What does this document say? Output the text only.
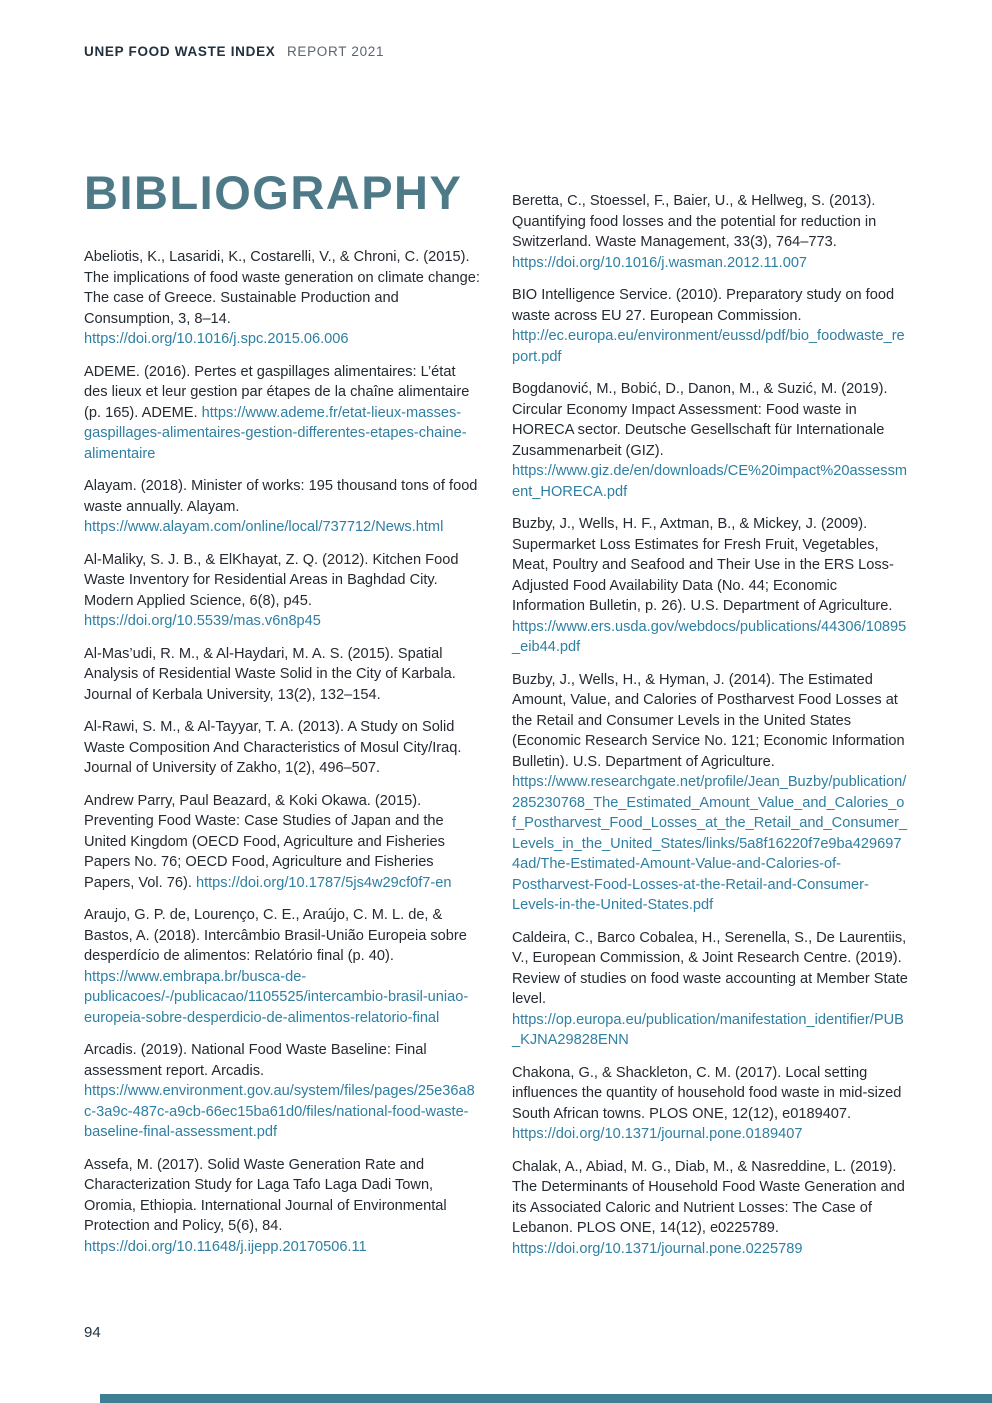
UNEP FOOD WASTE INDEX REPORT 2021
BIBLIOGRAPHY

Abeliotis, K., Lasaridi, K., Costarelli, V., & Chroni, C. (2015). The implications of food waste generation on climate change: The case of Greece. Sustainable Production and Consumption, 3, 8–14. https://doi.org/10.1016/j.spc.2015.06.006

ADEME. (2016). Pertes et gaspillages alimentaires: L’état des lieux et leur gestion par étapes de la chaîne alimentaire (p. 165). ADEME. https://www.ademe.fr/etat-lieux-masses-gaspillages-alimentaires-gestion-differentes-etapes-chaine-alimentaire

Alayam. (2018). Minister of works: 195 thousand tons of food waste annually. Alayam. https://www.alayam.com/online/local/737712/News.html

Al-Maliky, S. J. B., & ElKhayat, Z. Q. (2012). Kitchen Food Waste Inventory for Residential Areas in Baghdad City. Modern Applied Science, 6(8), p45. https://doi.org/10.5539/mas.v6n8p45

Al-Mas’udi, R. M., & Al-Haydari, M. A. S. (2015). Spatial Analysis of Residential Waste Solid in the City of Karbala. Journal of Kerbala University, 13(2), 132–154.

Al-Rawi, S. M., & Al-Tayyar, T. A. (2013). A Study on Solid Waste Composition And Characteristics of Mosul City/Iraq. Journal of University of Zakho, 1(2), 496–507.

Andrew Parry, Paul Beazard, & Koki Okawa. (2015). Preventing Food Waste: Case Studies of Japan and the United Kingdom (OECD Food, Agriculture and Fisheries Papers No. 76; OECD Food, Agriculture and Fisheries Papers, Vol. 76). https://doi.org/10.1787/5js4w29cf0f7-en

Araujo, G. P. de, Lourenço, C. E., Araújo, C. M. L. de, & Bastos, A. (2018). Intercâmbio Brasil-União Europeia sobre desperdício de alimentos: Relatório final (p. 40). https://www.embrapa.br/busca-de-publicacoes/-/publicacao/1105525/intercambio-brasil-uniao-europeia-sobre-desperdicio-de-alimentos-relatorio-final

Arcadis. (2019). National Food Waste Baseline: Final assessment report. Arcadis. https://www.environment.gov.au/system/files/pages/25e36a8c-3a9c-487c-a9cb-66ec15ba61d0/files/national-food-waste-baseline-final-assessment.pdf

Assefa, M. (2017). Solid Waste Generation Rate and Characterization Study for Laga Tafo Laga Dadi Town, Oromia, Ethiopia. International Journal of Environmental Protection and Policy, 5(6), 84. https://doi.org/10.11648/j.ijepp.20170506.11

Beretta, C., Stoessel, F., Baier, U., & Hellweg, S. (2013). Quantifying food losses and the potential for reduction in Switzerland. Waste Management, 33(3), 764–773. https://doi.org/10.1016/j.wasman.2012.11.007

BIO Intelligence Service. (2010). Preparatory study on food waste across EU 27. European Commission. http://ec.europa.eu/environment/eussd/pdf/bio_foodwaste_report.pdf

Bogdanović, M., Bobić, D., Danon, M., & Suzić, M. (2019). Circular Economy Impact Assessment: Food waste in HORECA sector. Deutsche Gesellschaft für Internationale Zusammenarbeit (GIZ). https://www.giz.de/en/downloads/CE%20impact%20assessment_HORECA.pdf

Buzby, J., Wells, H. F., Axtman, B., & Mickey, J. (2009). Supermarket Loss Estimates for Fresh Fruit, Vegetables, Meat, Poultry and Seafood and Their Use in the ERS Loss-Adjusted Food Availability Data (No. 44; Economic Information Bulletin, p. 26). U.S. Department of Agriculture. https://www.ers.usda.gov/webdocs/publications/44306/10895_eib44.pdf

Buzby, J., Wells, H., & Hyman, J. (2014). The Estimated Amount, Value, and Calories of Postharvest Food Losses at the Retail and Consumer Levels in the United States (Economic Research Service No. 121; Economic Information Bulletin). U.S. Department of Agriculture. https://www.researchgate.net/profile/Jean_Buzby/publication/285230768_The_Estimated_Amount_Value_and_Calories_of_Postharvest_Food_Losses_at_the_Retail_and_Consumer_Levels_in_the_United_States/links/5a8f16220f7e9ba4296974ad/The-Estimated-Amount-Value-and-Calories-of-Postharvest-Food-Losses-at-the-Retail-and-Consumer-Levels-in-the-United-States.pdf

Caldeira, C., Barco Cobalea, H., Serenella, S., De Laurentiis, V., European Commission, & Joint Research Centre. (2019). Review of studies on food waste accounting at Member State level. https://op.europa.eu/publication/manifestation_identifier/PUB_KJNA29828ENN

Chakona, G., & Shackleton, C. M. (2017). Local setting influences the quantity of household food waste in mid-sized South African towns. PLOS ONE, 12(12), e0189407. https://doi.org/10.1371/journal.pone.0189407

Chalak, A., Abiad, M. G., Diab, M., & Nasreddine, L. (2019). The Determinants of Household Food Waste Generation and its Associated Caloric and Nutrient Losses: The Case of Lebanon. PLOS ONE, 14(12), e0225789. https://doi.org/10.1371/journal.pone.0225789

94
